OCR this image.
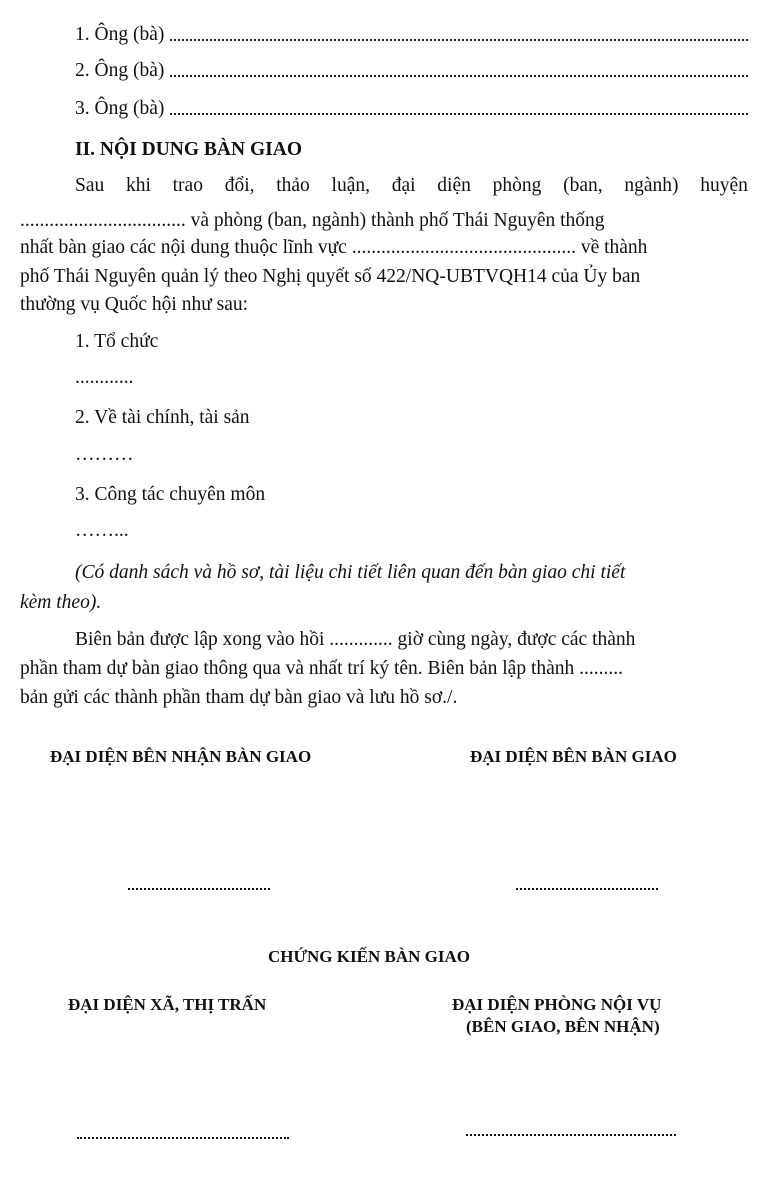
1. Ông (bà)
2. Ông (bà)
3. Ông (bà)
II. NỘI DUNG BÀN GIAO
Sau khi trao đổi, thảo luận, đại diện phòng (ban, ngành) huyện
.................................. và phòng (ban, ngành) thành phố Thái Nguyên thống
nhất bàn giao các nội dung thuộc lĩnh vực .............................................. về thành
phố Thái Nguyên quản lý theo Nghị quyết số 422/NQ-UBTVQH14 của Ủy ban
thường vụ Quốc hội như sau:
1. Tổ chức
............
2. Về tài chính, tài sản
………
3. Công tác chuyên môn
……...
(Có danh sách và hồ sơ, tài liệu chi tiết liên quan đến bàn giao chi tiết
kèm theo).
Biên bản được lập xong vào hồi ............. giờ cùng ngày, được các thành
phần tham dự bàn giao thông qua và nhất trí ký tên. Biên bản lập thành .........
bản gửi các thành phần tham dự bàn giao và lưu hồ sơ./.
ĐẠI DIỆN BÊN NHẬN BÀN GIAO	ĐẠI DIỆN BÊN BÀN GIAO
CHỨNG KIẾN BÀN GIAO
ĐẠI DIỆN XÃ, THỊ TRẤN	ĐẠI DIỆN PHÒNG NỘI VỤ
(BÊN GIAO, BÊN NHẬN)
